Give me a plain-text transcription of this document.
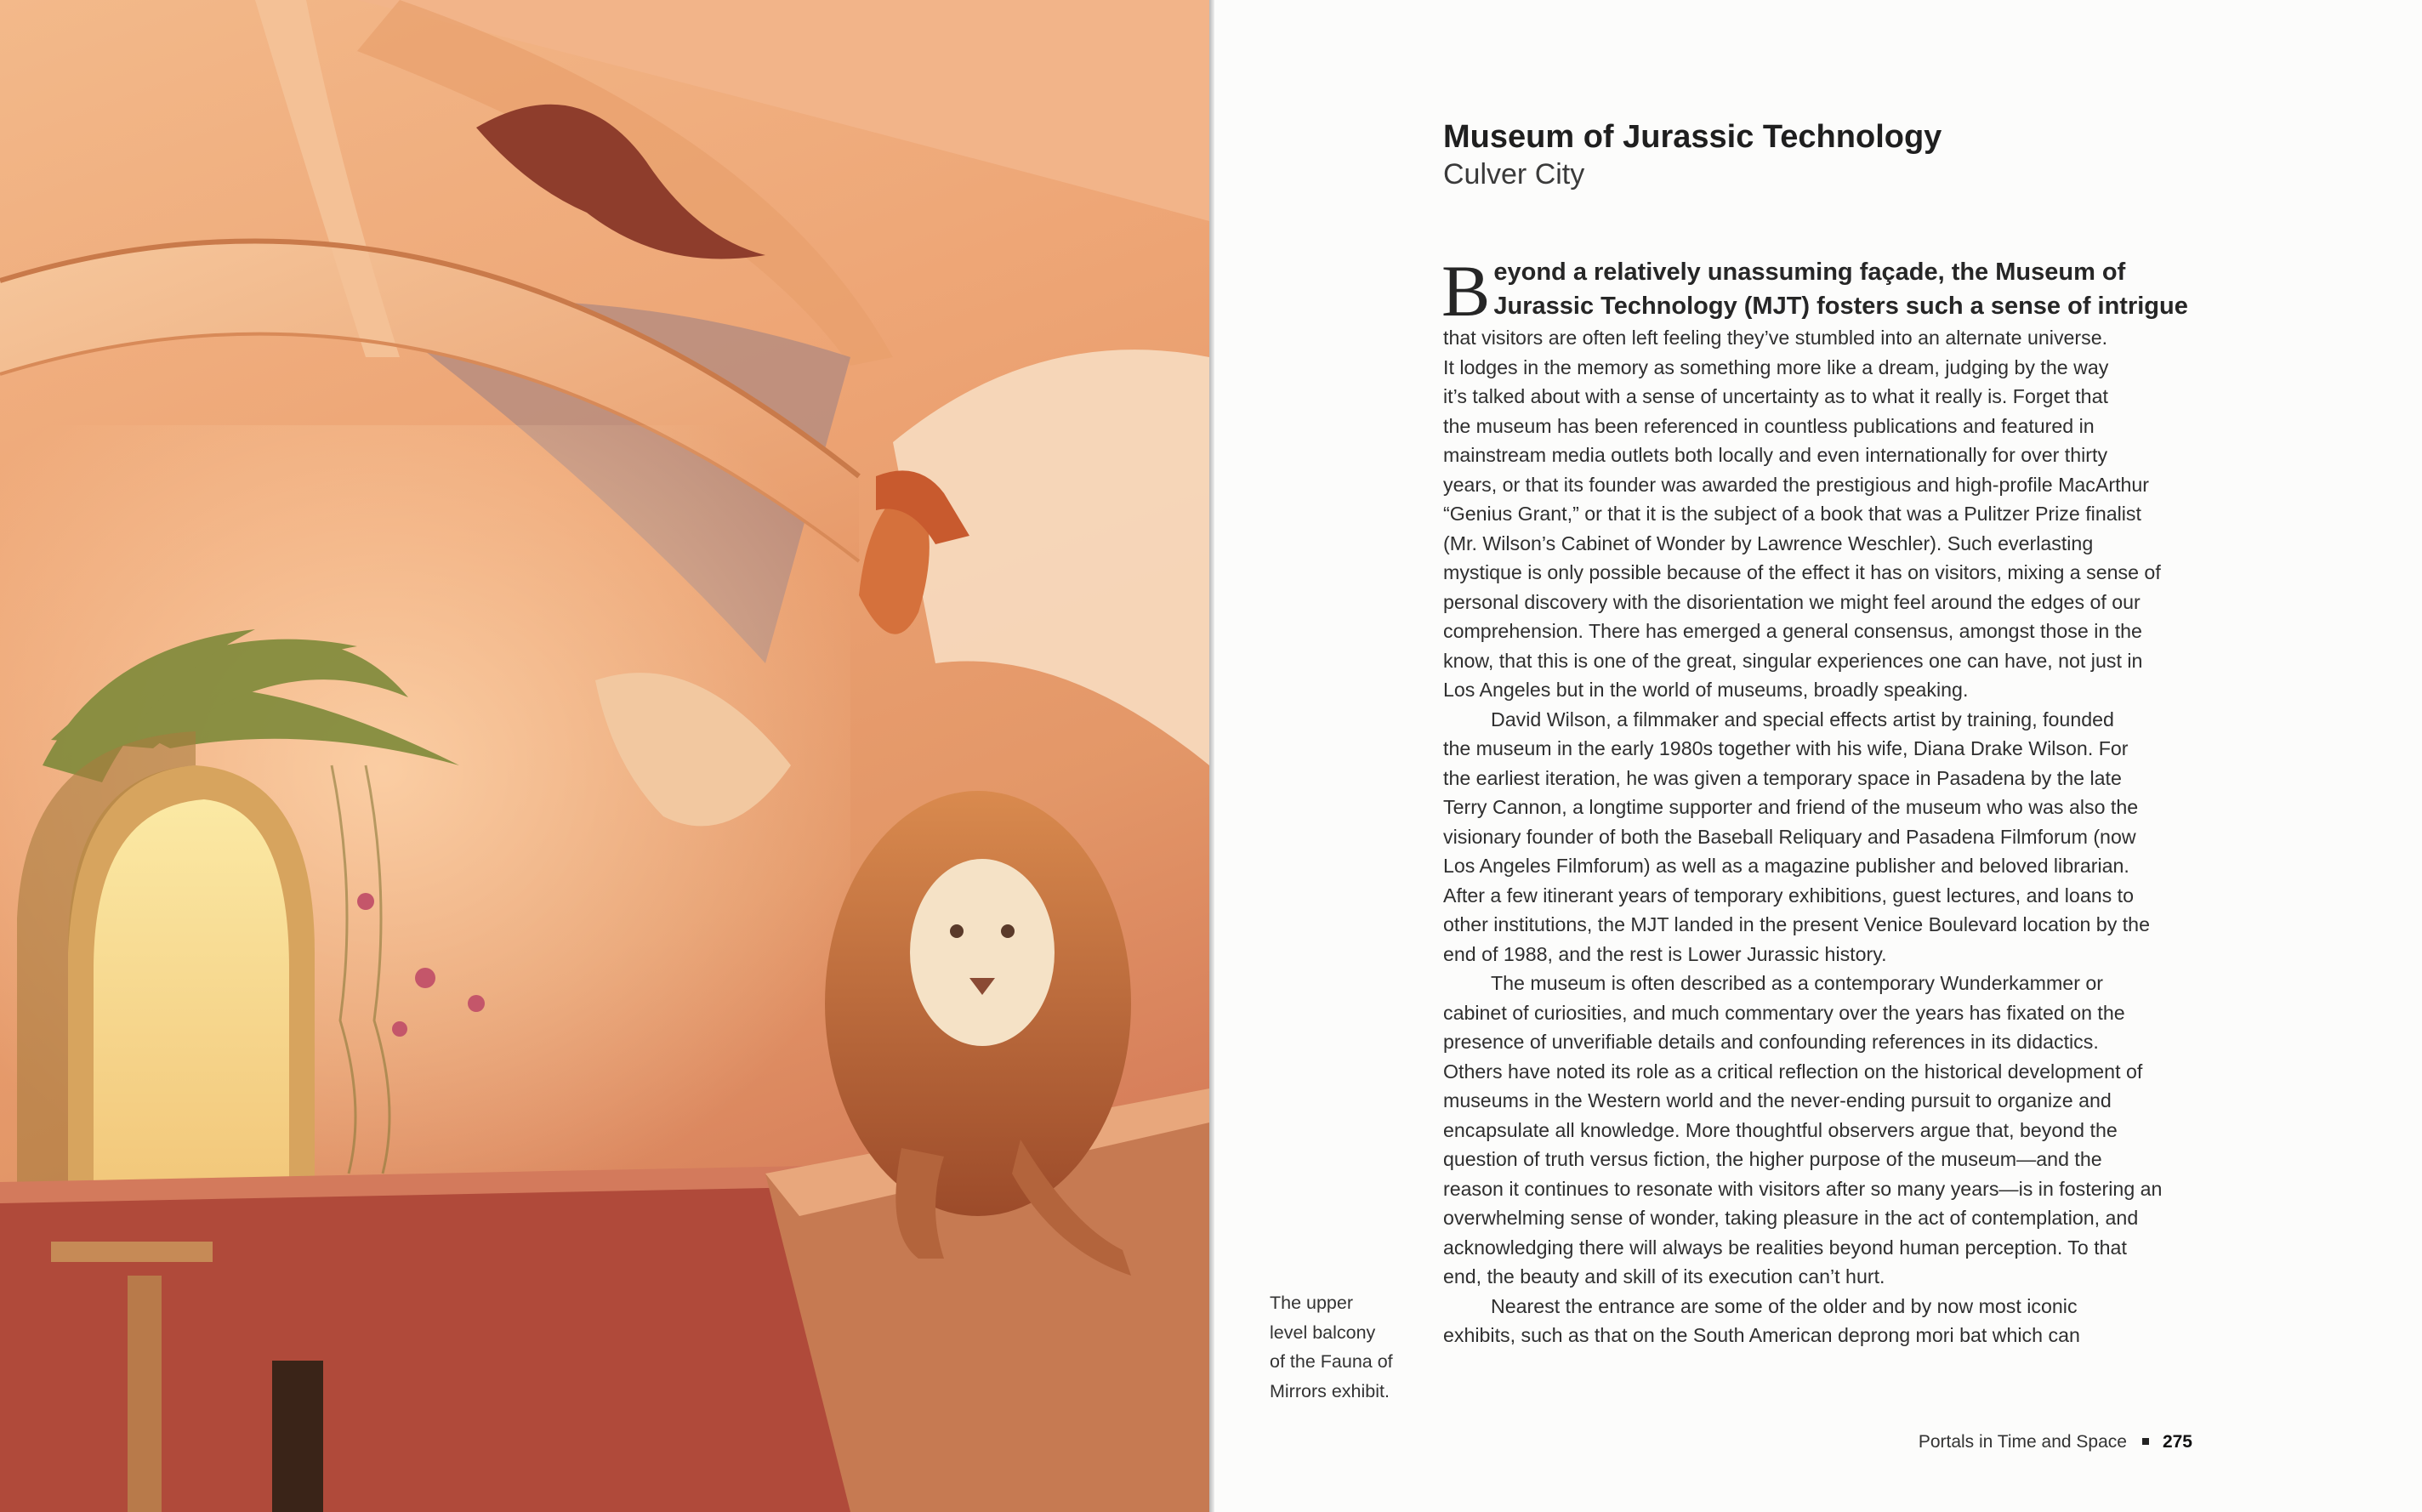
Museum of Jurassic Technology
Culver City
B eyond a relatively unassuming façade, the Museum of
Jurassic Technology (MJT) fosters such a sense of intrigue
that visitors are often left feeling they’ve stumbled into an alternate universe.
It lodges in the memory as something more like a dream, judging by the way
it’s talked about with a sense of uncertainty as to what it really is. Forget that
the museum has been referenced in countless publications and featured in
mainstream media outlets both locally and even internationally for over thirty
years, or that its founder was awarded the prestigious and high-profile MacArthur
“Genius Grant,” or that it is the subject of a book that was a Pulitzer Prize finalist
(Mr. Wilson’s Cabinet of Wonder by Lawrence Weschler). Such everlasting
mystique is only possible because of the effect it has on visitors, mixing a sense of
personal discovery with the disorientation we might feel around the edges of our
comprehension. There has emerged a general consensus, amongst those in the
know, that this is one of the great, singular experiences one can have, not just in
Los Angeles but in the world of museums, broadly speaking.
David Wilson, a filmmaker and special effects artist by training, founded
the museum in the early 1980s together with his wife, Diana Drake Wilson. For
the earliest iteration, he was given a temporary space in Pasadena by the late
Terry Cannon, a longtime supporter and friend of the museum who was also the
visionary founder of both the Baseball Reliquary and Pasadena Filmforum (now
Los Angeles Filmforum) as well as a magazine publisher and beloved librarian.
After a few itinerant years of temporary exhibitions, guest lectures, and loans to
other institutions, the MJT landed in the present Venice Boulevard location by the
end of 1988, and the rest is Lower Jurassic history.
The museum is often described as a contemporary Wunderkammer or
cabinet of curiosities, and much commentary over the years has fixated on the
presence of unverifiable details and confounding references in its didactics.
Others have noted its role as a critical reflection on the historical development of
museums in the Western world and the never-ending pursuit to organize and
encapsulate all knowledge. More thoughtful observers argue that, beyond the
question of truth versus fiction, the higher purpose of the museum—and the
reason it continues to resonate with visitors after so many years—is in fostering an
overwhelming sense of wonder, taking pleasure in the act of contemplation, and
acknowledging there will always be realities beyond human perception. To that
end, the beauty and skill of its execution can’t hurt.
Nearest the entrance are some of the older and by now most iconic
exhibits, such as that on the South American deprong mori bat which can
The upper
level balcony
of the Fauna of
Mirrors exhibit.
Portals in Time and Space 275
